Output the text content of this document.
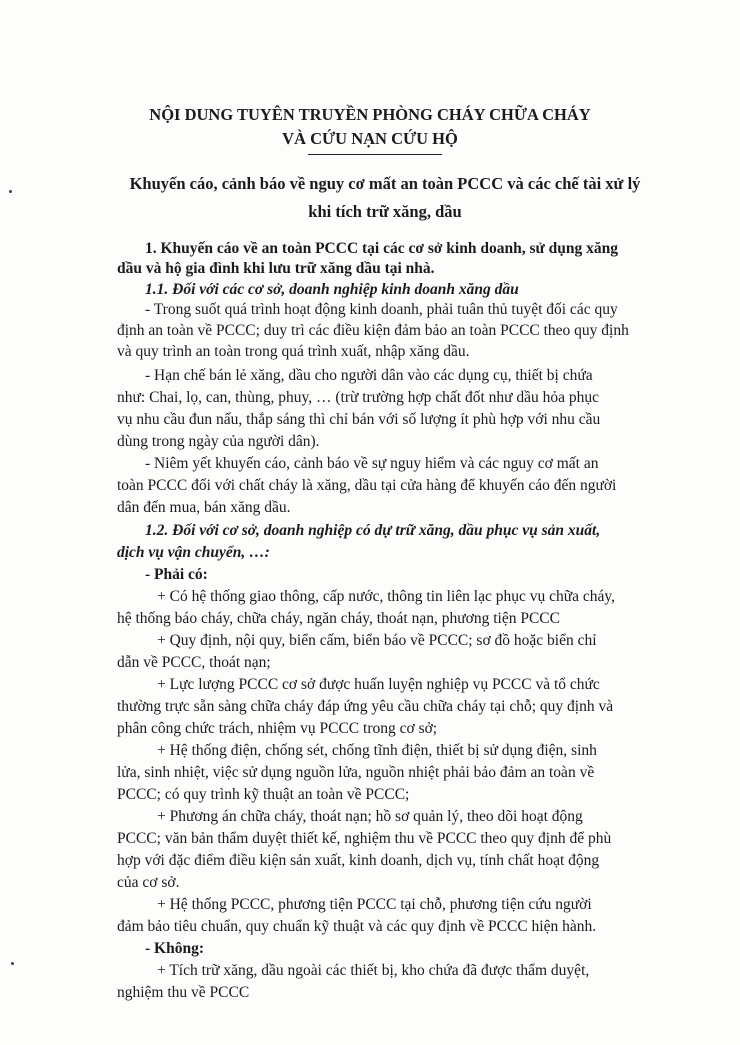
NỘI DUNG TUYÊN TRUYỀN PHÒNG CHÁY CHỮA CHÁY
VÀ CỨU NẠN CỨU HỘ
Khuyến cáo, cảnh báo về nguy cơ mất an toàn PCCC và các chế tài xử lý
khi tích trữ xăng, dầu
1. Khuyến cáo về an toàn PCCC tại các cơ sở kinh doanh, sử dụng xăng
dầu và hộ gia đình khi lưu trữ xăng dầu tại nhà.
1.1. Đối với các cơ sở, doanh nghiệp kinh doanh xăng dầu
- Trong suốt quá trình hoạt động kinh doanh, phải tuân thủ tuyệt đối các quy
định an toàn về PCCC; duy trì các điều kiện đảm bảo an toàn PCCC theo quy định
và quy trình an toàn trong quá trình xuất, nhập xăng dầu.
- Hạn chế bán lẻ xăng, dầu cho người dân vào các dụng cụ, thiết bị chứa
như: Chai, lọ, can, thùng, phuy, … (trừ trường hợp chất đốt như dầu hỏa phục
vụ nhu cầu đun nấu, thắp sáng thì chỉ bán với số lượng ít phù hợp với nhu cầu
dùng trong ngày của người dân).
- Niêm yết khuyến cáo, cảnh báo về sự nguy hiểm và các nguy cơ mất an
toàn PCCC đối với chất cháy là xăng, dầu tại cửa hàng để khuyến cáo đến người
dân đến mua, bán xăng dầu.
1.2. Đối với cơ sở, doanh nghiệp có dự trữ xăng, dầu phục vụ sản xuất,
dịch vụ vận chuyển, …:
- Phải có:
+ Có hệ thống giao thông, cấp nước, thông tin liên lạc phục vụ chữa cháy,
hệ thống báo cháy, chữa cháy, ngăn cháy, thoát nạn, phương tiện PCCC
+ Quy định, nội quy, biển cấm, biển báo về PCCC; sơ đồ hoặc biển chỉ
dẫn về PCCC, thoát nạn;
+ Lực lượng PCCC cơ sở được huấn luyện nghiệp vụ PCCC và tổ chức
thường trực sẵn sàng chữa cháy đáp ứng yêu cầu chữa cháy tại chỗ; quy định và
phân công chức trách, nhiệm vụ PCCC trong cơ sở;
+ Hệ thống điện, chống sét, chống tĩnh điện, thiết bị sử dụng điện, sinh
lửa, sinh nhiệt, việc sử dụng nguồn lửa, nguồn nhiệt phải bảo đảm an toàn về
PCCC; có quy trình kỹ thuật an toàn về PCCC;
+ Phương án chữa cháy, thoát nạn; hồ sơ quản lý, theo dõi hoạt động
PCCC; văn bản thẩm duyệt thiết kế, nghiệm thu về PCCC theo quy định để phù
hợp với đặc điểm điều kiện sản xuất, kinh doanh, dịch vụ, tính chất hoạt động
của cơ sở.
+ Hệ thống PCCC, phương tiện PCCC tại chỗ, phương tiện cứu người
đảm bảo tiêu chuẩn, quy chuẩn kỹ thuật và các quy định về PCCC hiện hành.
- Không:
+ Tích trữ xăng, dầu ngoài các thiết bị, kho chứa đã được thẩm duyệt,
nghiệm thu về PCCC
